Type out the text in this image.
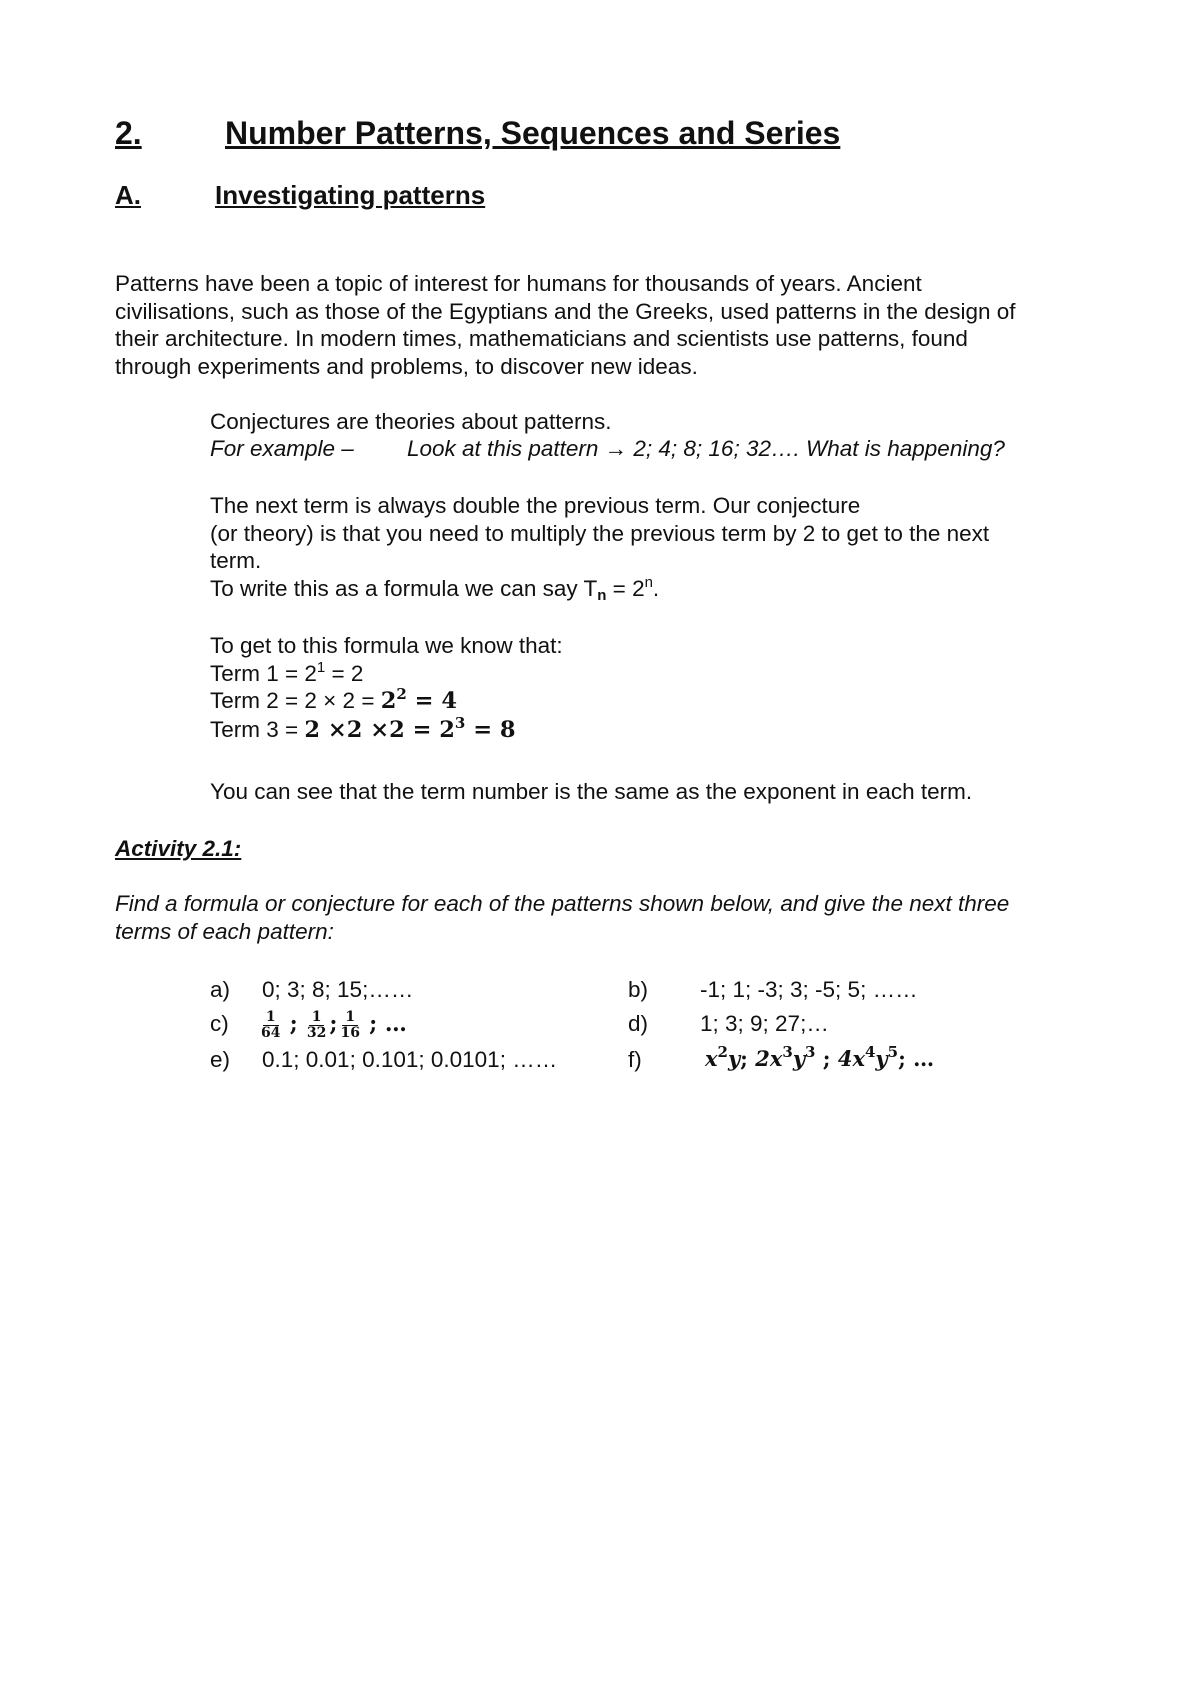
2.	Number Patterns, Sequences and Series
A.	Investigating patterns
Patterns have been a topic of interest for humans for thousands of years. Ancient
civilisations, such as those of the Egyptians and the Greeks, used patterns in the design of
their architecture. In modern times, mathematicians and scientists use patterns, found
through experiments and problems, to discover new ideas.
Conjectures are theories about patterns.
For example – Look at this pattern → 2; 4; 8; 16; 32…. What is happening?
The next term is always double the previous term. Our conjecture
(or theory) is that you need to multiply the previous term by 2 to get to the next
term.
To write this as a formula we can say $T_n = 2^n$.
To get to this formula we know that:
Term $1 = 2^1 = 2$
Term $2 = 2 \times 2 = 2^2 = 4$
Term $3 = 2 \times 2 \times 2 = 2^3 = 8$
You can see that the term number is the same as the exponent in each term.
Activity 2.1:
Find a formula or conjecture for each of the patterns shown below, and give the next three
terms of each pattern:
a) 0; 3; 8; 15;……	b) -1; 1; -3; 3; -5; 5; ……
$c) \frac{1}{64}$ ; $\frac{1}{32}$ ; $\frac{1}{16}$ ; …	d) 1; 3; 9; 27;…
e) 0.1; 0.01; 0.101; 0.0101; ……	f)	$x^2y$; $2x^3y^3$ ; $4x^4y^5$; …
